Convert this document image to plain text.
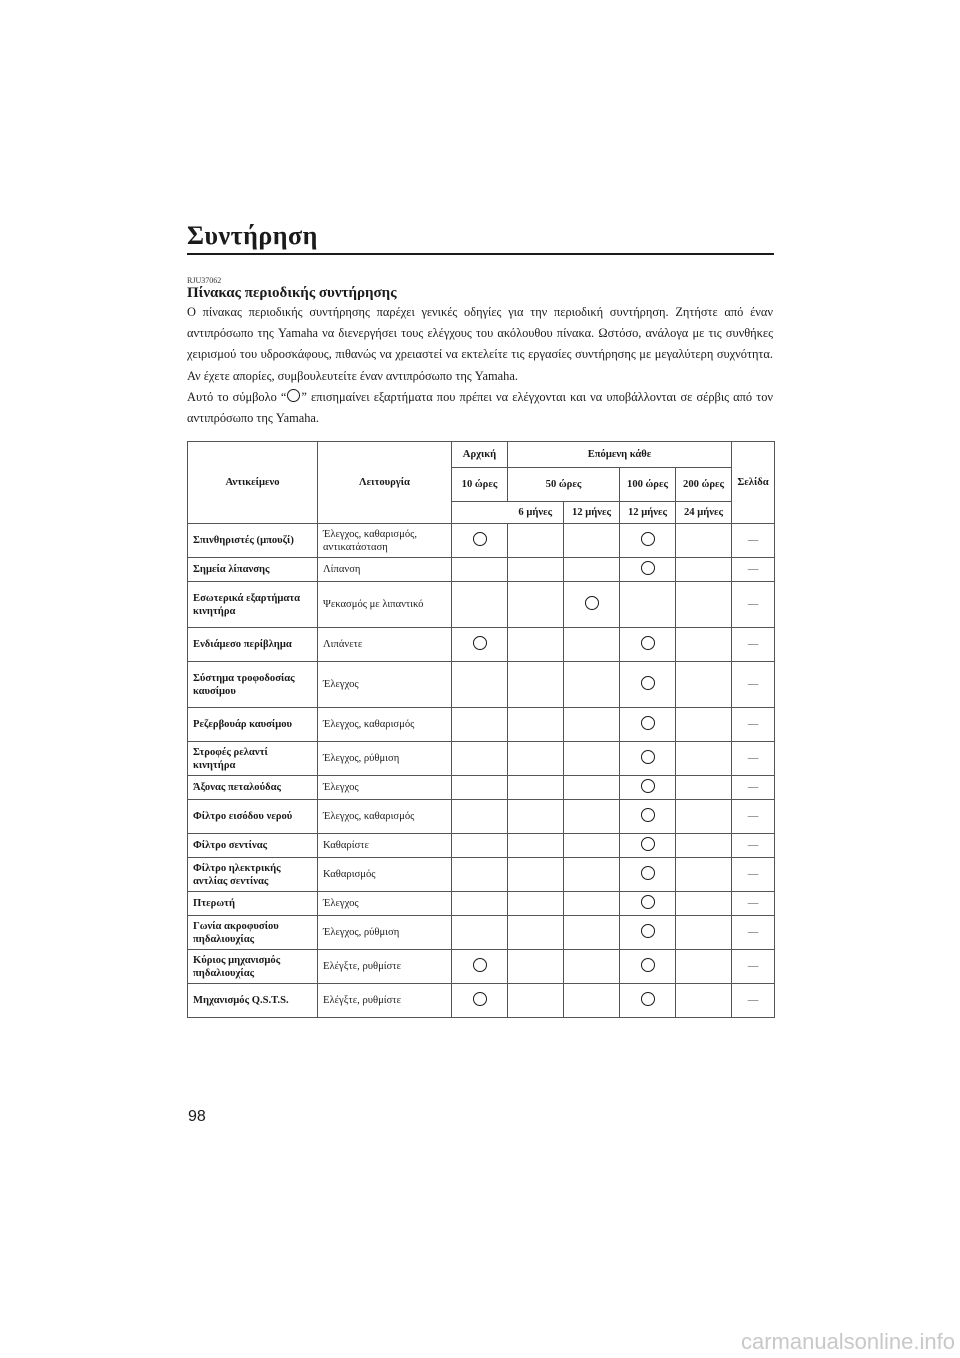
Συντήρηση
RJU37062
Πίνακας περιοδικής συντήρησης

Ο πίνακας περιοδικής συντήρησης παρέχει γενικές οδηγίες για την περιοδική συντήρηση. Ζητήστε από έναν αντιπρόσωπο της Yamaha να διενεργήσει τους ελέγχους του ακόλουθου πίνακα. Ωστόσο, ανάλογα με τις συνθήκες χειρισμού του υδροσκάφους, πιθανώς να χρειαστεί να εκτελείτε τις εργασίες συντήρησης με μεγαλύτερη συχνότητα. Αν έχετε απορίες, συμβουλευτείτε έναν αντιπρόσωπο της Yamaha.

Αυτό το σύμβολο “ ” επισημαίνει εξαρτήματα που πρέπει να ελέγχονται και να υποβάλλονται σε σέρβις από τον αντιπρόσωπο της Yamaha.

Αντικείμενο	Λειτουργία	Αρχική	Επόμενη κάθε				Σελίδα
		10 ώρες	50 ώρες		100 ώρες	200 ώρες	
			6 μήνες	12 μήνες	12 μήνες	24 μήνες	
Σπινθηριστές (μπουζί)	Έλεγχος, καθαρισμός, αντικατάσταση						—
Σημεία λίπανσης	Λίπανση						—
Εσωτερικά εξαρτήματα κινητήρα	Ψεκασμός με λιπαντικό						—
Ενδιάμεσο περίβλημα	Λιπάνετε						—
Σύστημα τροφοδοσίας καυσίμου	Έλεγχος						—
Ρεζερβουάρ καυσίμου	Έλεγχος, καθαρισμός						—
Στροφές ρελαντί κινητήρα	Έλεγχος, ρύθμιση						—
Άξονας πεταλούδας	Έλεγχος						—
Φίλτρο εισόδου νερού	Έλεγχος, καθαρισμός						—
Φίλτρο σεντίνας	Καθαρίστε						—
Φίλτρο ηλεκτρικής αντλίας σεντίνας	Καθαρισμός						—
Πτερωτή	Έλεγχος						—
Γωνία ακροφυσίου πηδαλιουχίας	Έλεγχος, ρύθμιση						—
Κύριος μηχανισμός πηδαλιουχίας	Ελέγξτε, ρυθμίστε						—
Μηχανισμός Q.S.T.S.	Ελέγξτε, ρυθμίστε						—
98
carmanualsonline.info
